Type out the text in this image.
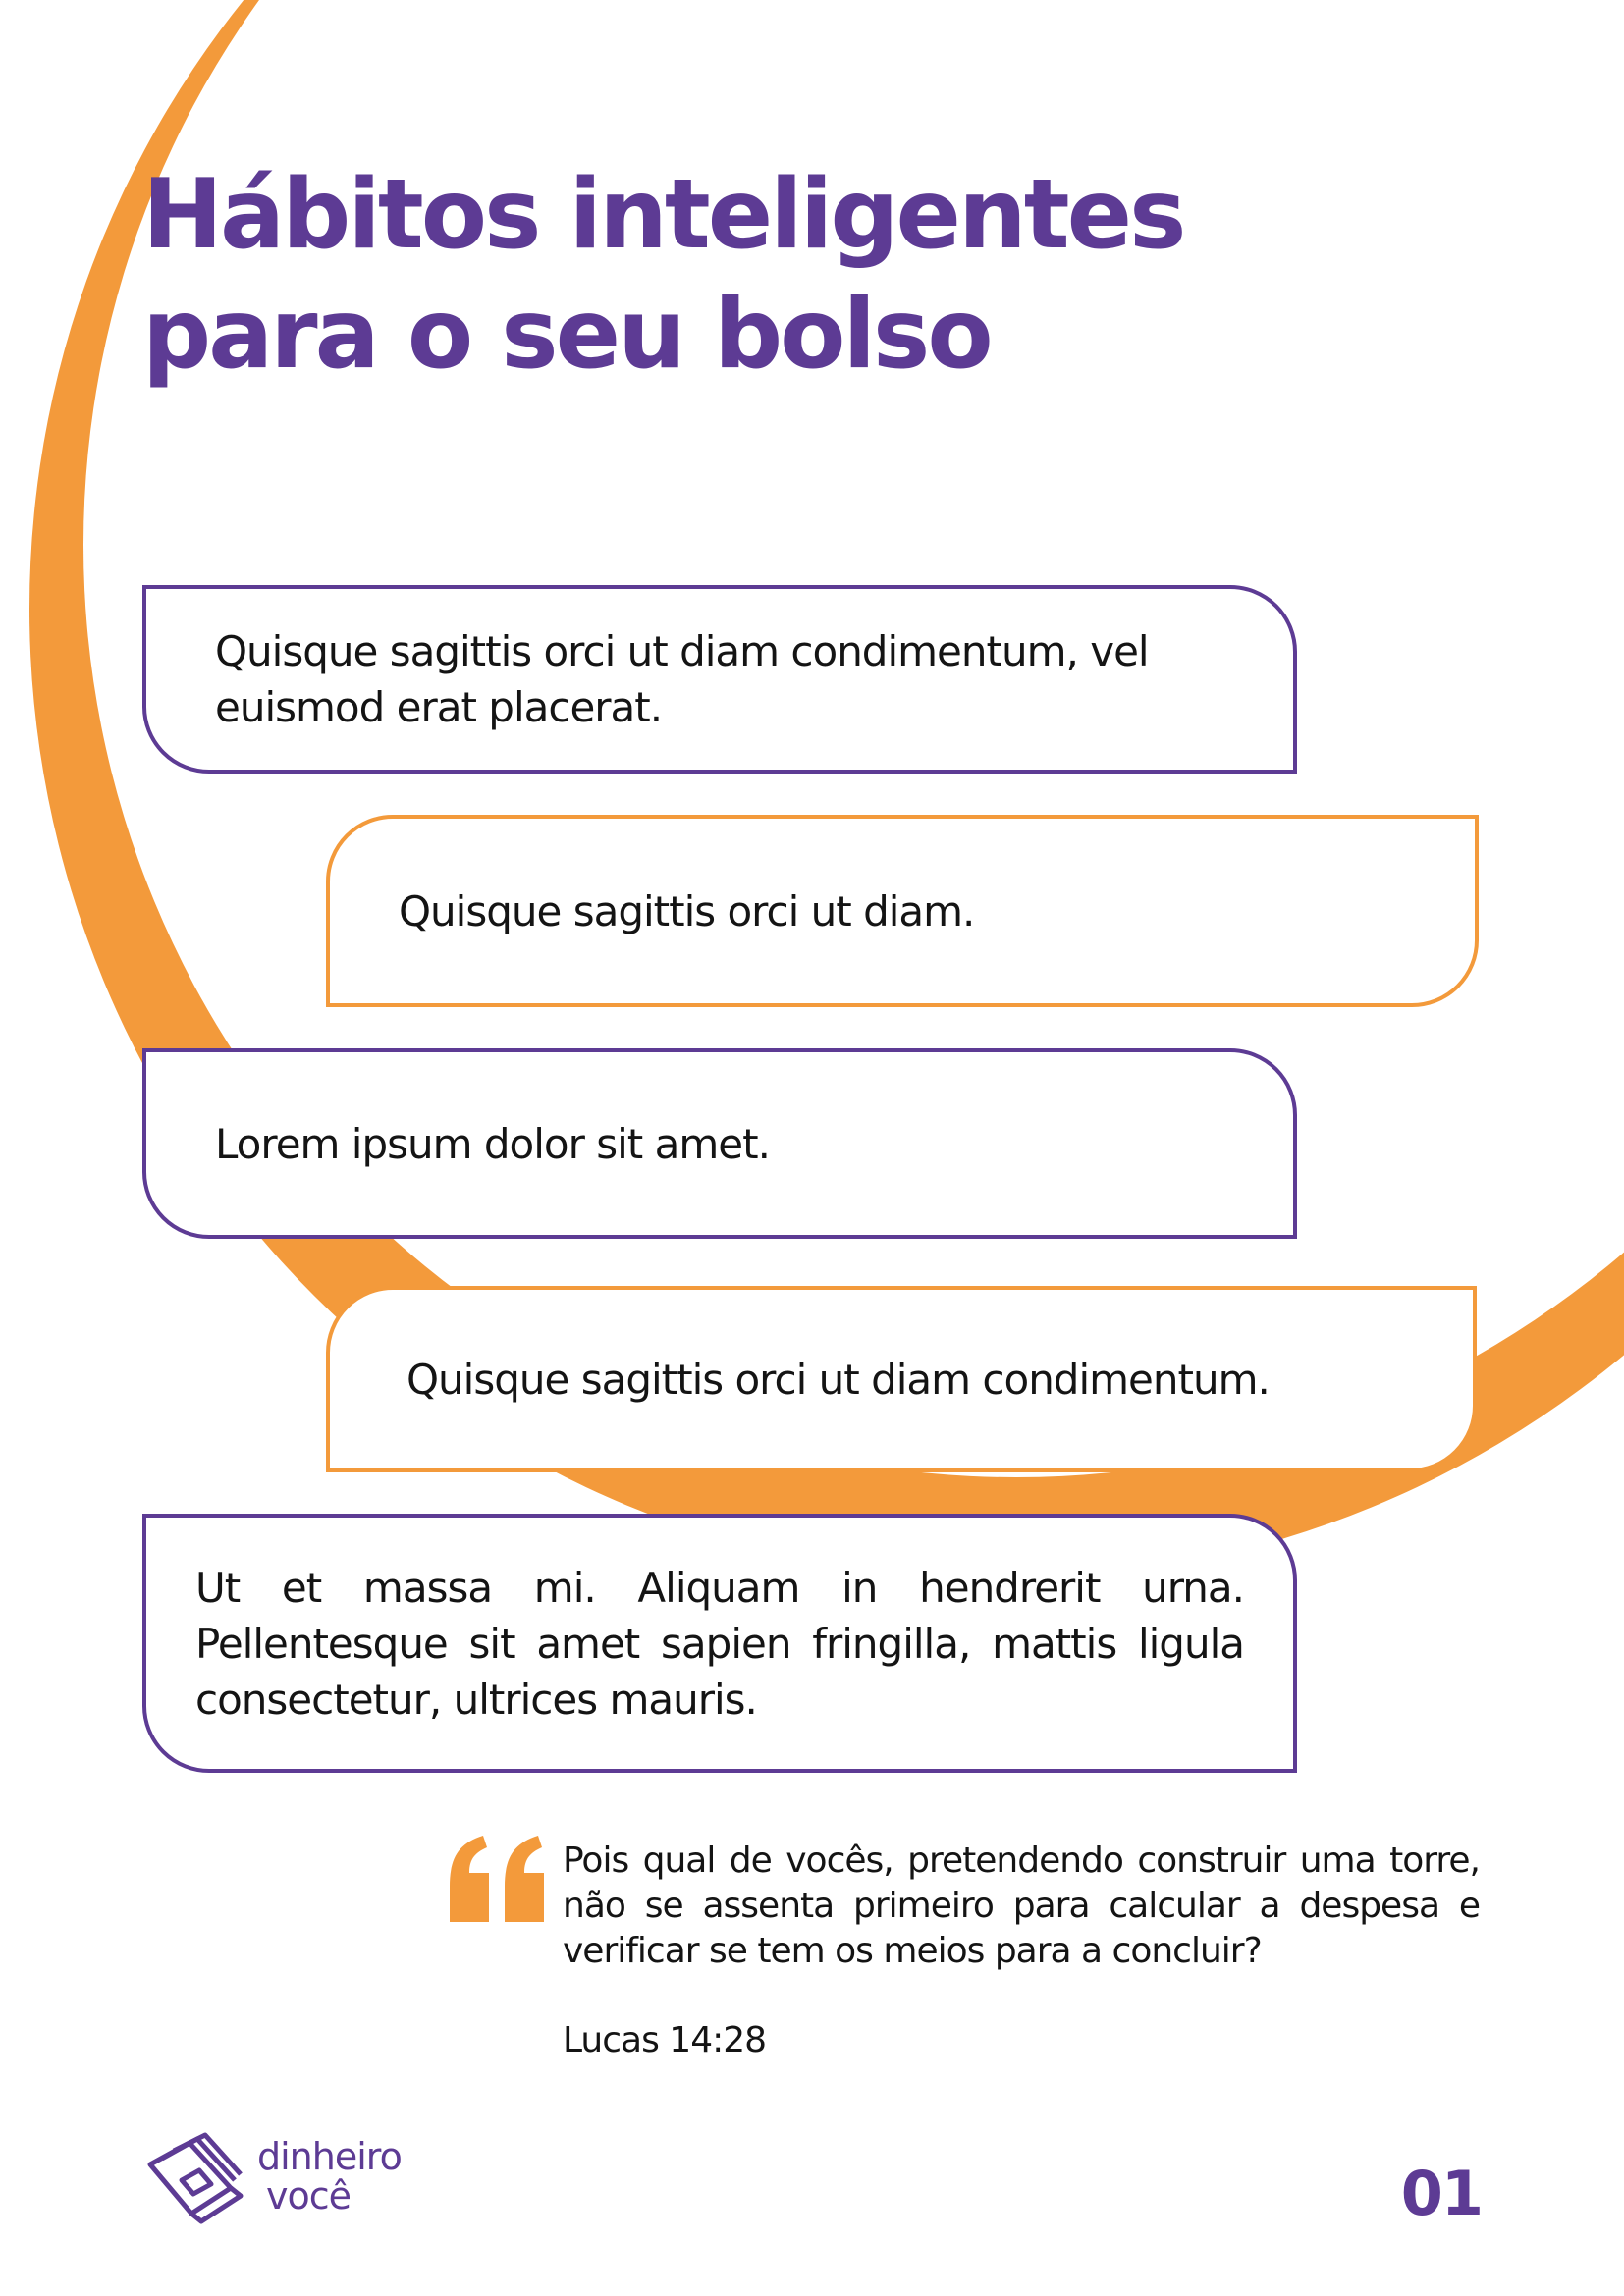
Hábitos inteligentes
para o seu bolso
Quisque sagittis orci ut diam condimentum, vel euismod erat placerat.
Quisque sagittis orci ut diam.
Lorem ipsum dolor sit amet.
Quisque sagittis orci ut diam condimentum.
Ut et massa mi. Aliquam in hendrerit urna. Pellentesque sit amet sapien fringilla, mattis ligula consectetur, ultrices mauris.
Pois qual de vocês, pretendendo construir uma torre, não se assenta primeiro para calcular a despesa e verificar se tem os meios para a concluir?
Lucas 14:28
dinheiro
você	01
